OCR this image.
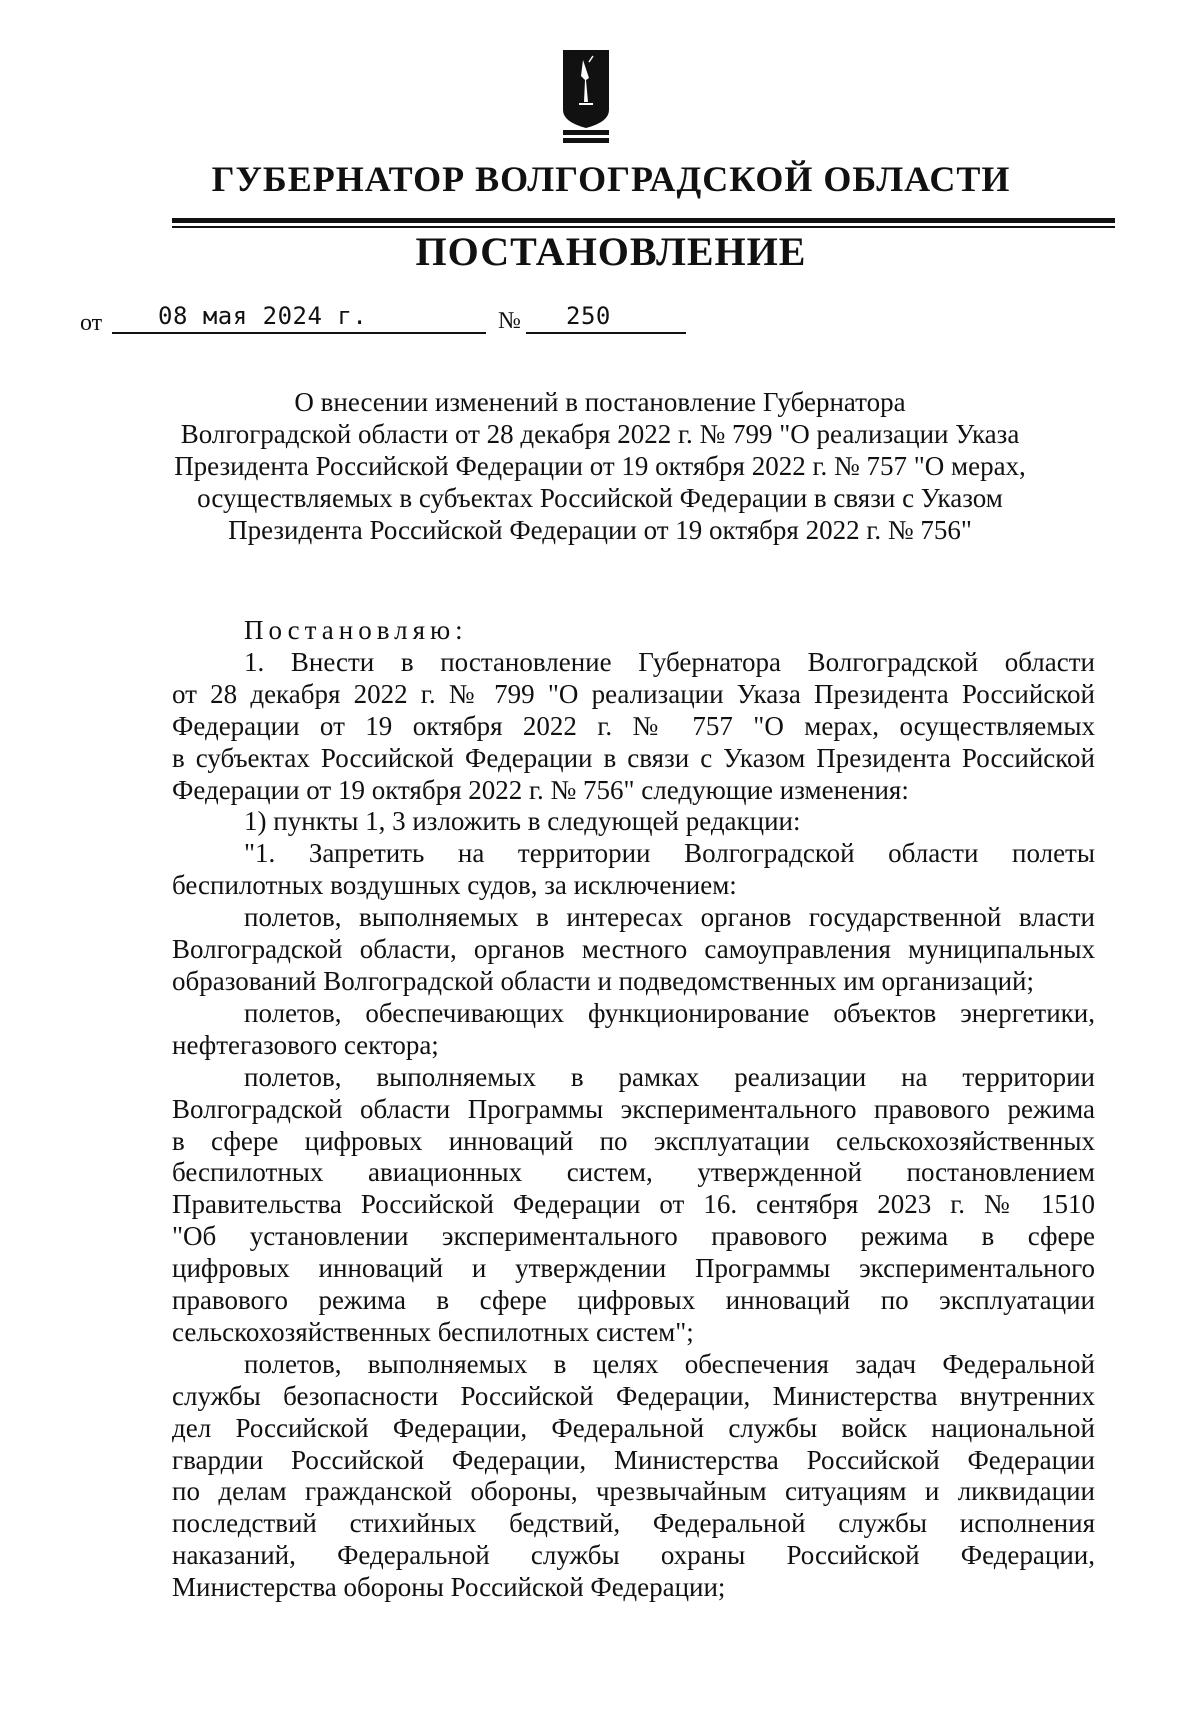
ГУБЕРНАТОР ВОЛГОГРАДСКОЙ ОБЛАСТИ
ПОСТАНОВЛЕНИЕ
от 08 мая 2024 г.	№ 250
О внесении изменений в постановление Губернатора
Волгоградской области от 28 декабря 2022 г. № 799 "О реализации Указа
Президента Российской Федерации от 19 октября 2022 г. № 757 "О мерах,
осуществляемых в субъектах Российской Федерации в связи с Указом
Президента Российской Федерации от 19 октября 2022 г. № 756"
Постановляю:
1. Внести в постановление Губернатора Волгоградской области
от 28 декабря 2022 г. № 799 "О реализации Указа Президента Российской
Федерации от 19 октября 2022 г. № 757 "О мерах, осуществляемых
в субъектах Российской Федерации в связи с Указом Президента Российской
Федерации от 19 октября 2022 г. № 756" следующие изменения:
1) пункты 1, 3 изложить в следующей редакции:
"1. Запретить на территории Волгоградской области полеты
беспилотных воздушных судов, за исключением:
полетов, выполняемых в интересах органов государственной власти
Волгоградской области, органов местного самоуправления муниципальных
образований Волгоградской области и подведомственных им организаций;
полетов, обеспечивающих функционирование объектов энергетики,
нефтегазового сектора;
полетов, выполняемых в рамках реализации на территории
Волгоградской области Программы экспериментального правового режима
в сфере цифровых инноваций по эксплуатации сельскохозяйственных
беспилотных авиационных систем, утвержденной постановлением
Правительства Российской Федерации от 16. сентября 2023 г. № 1510
"Об установлении экспериментального правового режима в сфере
цифровых инноваций и утверждении Программы экспериментального
правового режима в сфере цифровых инноваций по эксплуатации
сельскохозяйственных беспилотных систем";
полетов, выполняемых в целях обеспечения задач Федеральной
службы безопасности Российской Федерации, Министерства внутренних
дел Российской Федерации, Федеральной службы войск национальной
гвардии Российской Федерации, Министерства Российской Федерации
по делам гражданской обороны, чрезвычайным ситуациям и ликвидации
последствий стихийных бедствий, Федеральной службы исполнения
наказаний, Федеральной службы охраны Российской Федерации,
Министерства обороны Российской Федерации;
